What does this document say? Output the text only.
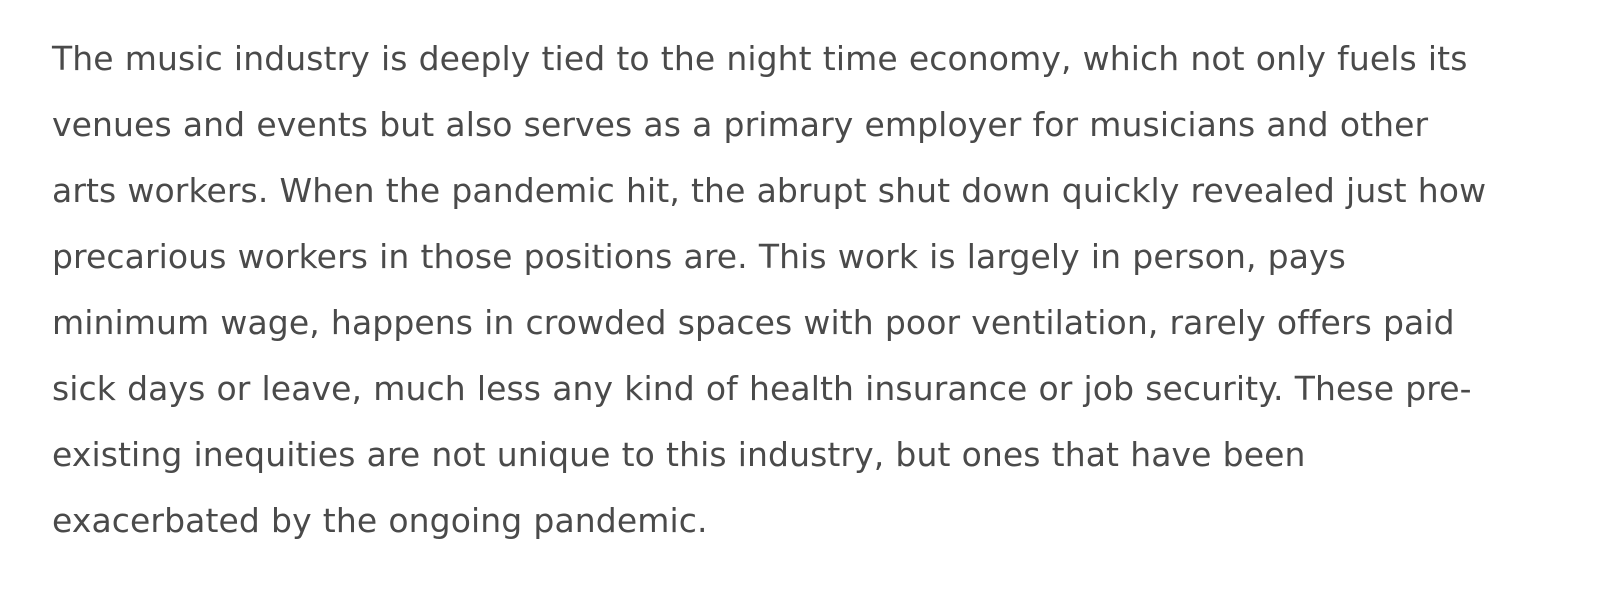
The music industry is deeply tied to the night time economy, which not only fuels its venues and events but also serves as a primary employer for musicians and other arts workers. When the pandemic hit, the abrupt shut down quickly revealed just how precarious workers in those positions are. This work is largely in person, pays minimum wage, happens in crowded spaces with poor ventilation, rarely offers paid sick days or leave, much less any kind of health insurance or job security. These pre-existing inequities are not unique to this industry, but ones that have been exacerbated by the ongoing pandemic.
